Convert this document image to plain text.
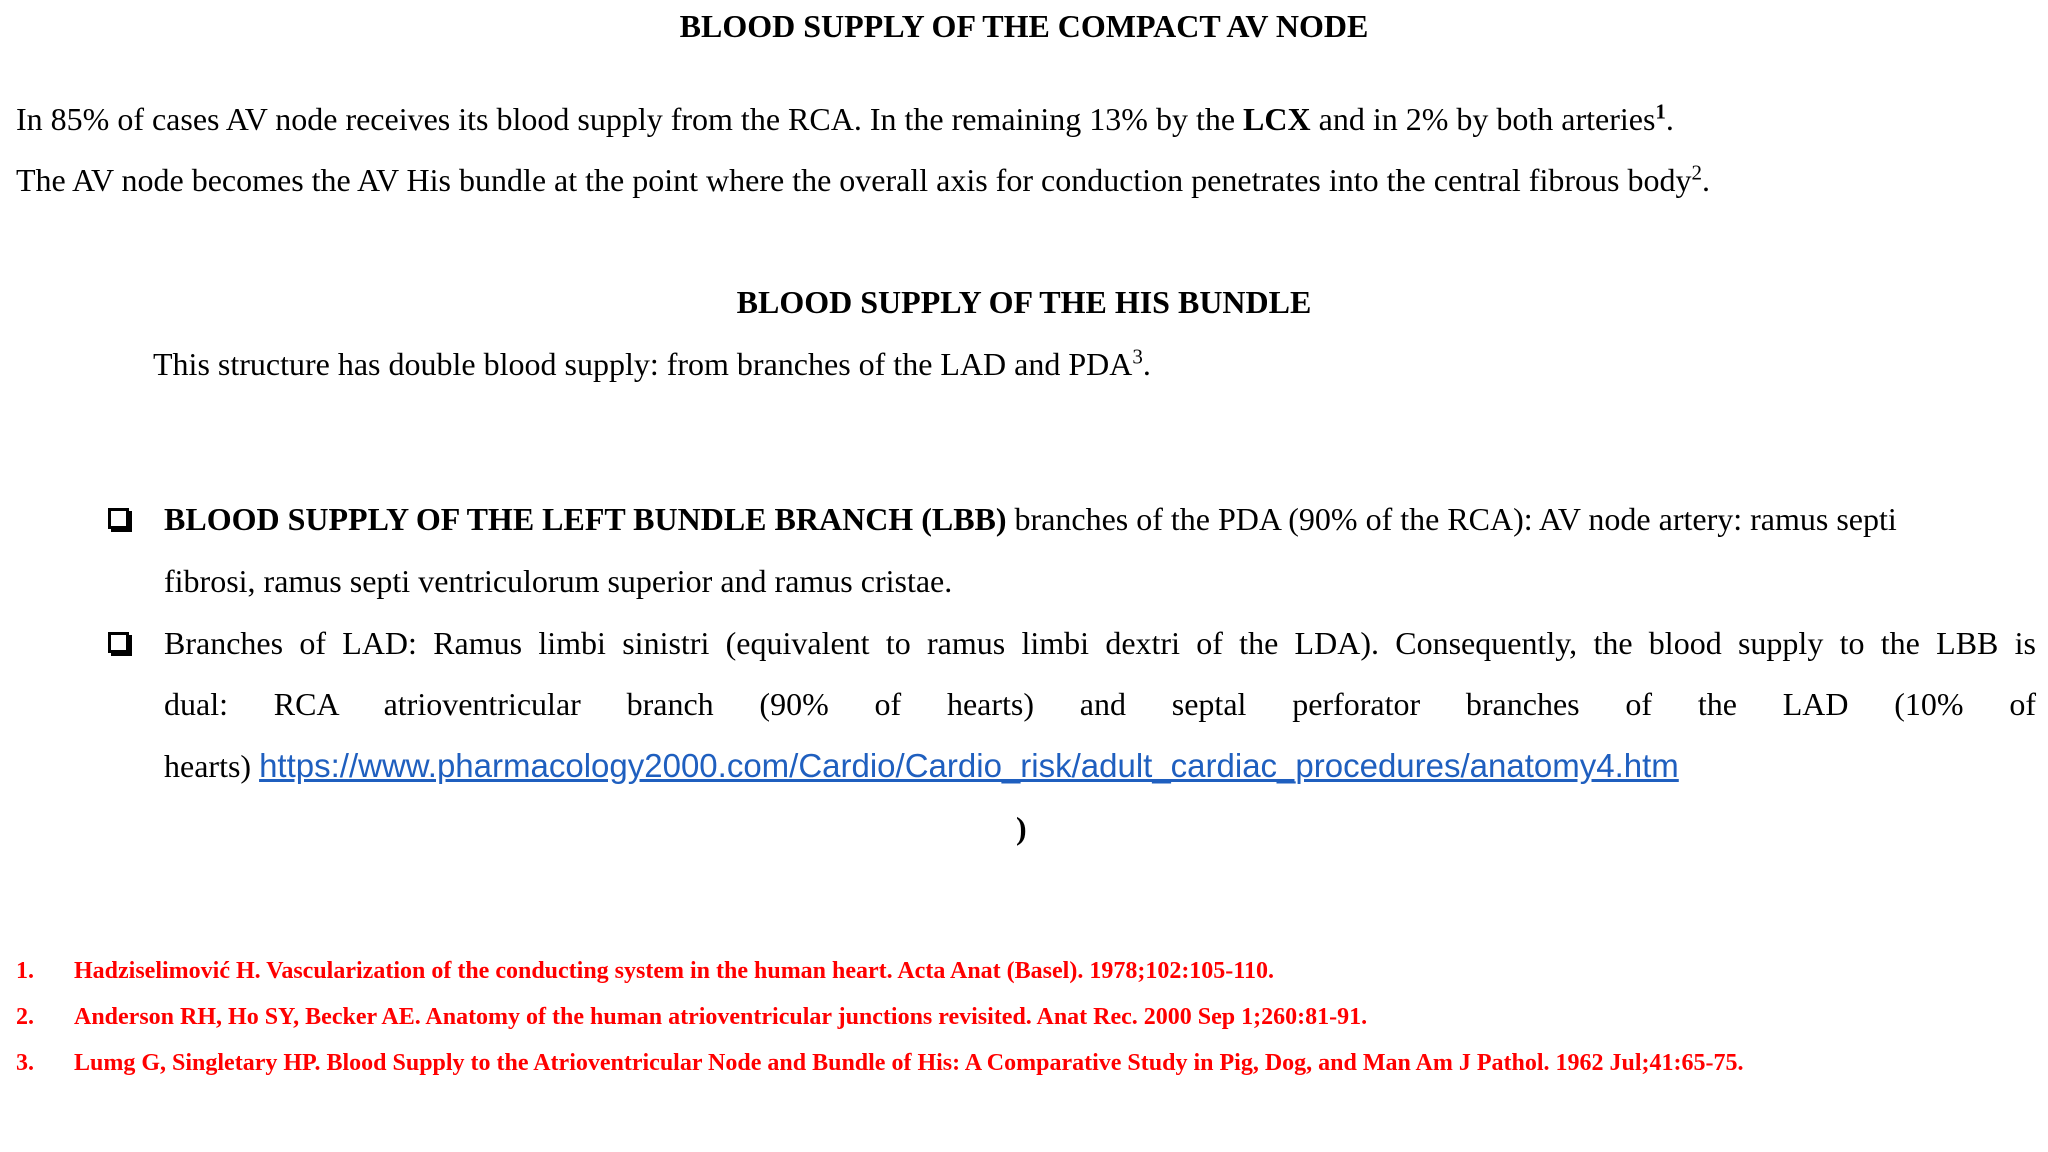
BLOOD SUPPLY OF THE COMPACT AV NODE
In 85% of cases AV node receives its blood supply from the RCA. In the remaining 13% by the LCX and in 2% by both arteries$^1$.
The AV node becomes the AV His bundle at the point where the overall axis for conduction penetrates into the central fibrous body$^2$.
BLOOD SUPPLY OF THE HIS BUNDLE
This structure has double blood supply: from branches of the LAD and PDA$^3$.
BLOOD SUPPLY OF THE LEFT BUNDLE BRANCH (LBB) branches of the PDA (90% of the RCA): AV node artery: ramus septi
fibrosi, ramus septi ventriculorum superior and ramus cristae.
Branches of LAD: Ramus limbi sinistri (equivalent to ramus limbi dextri of the LDA). Consequently, the blood supply to the LBB is
dual: RCA atrioventricular branch (90% of hearts) and septal perforator branches of the LAD (10% of
hearts) https://www.pharmacology2000.com/Cardio/Cardio_risk/adult_cardiac_procedures/anatomy4.htm
)
1. Hadziselimović H. Vascularization of the conducting system in the human heart. Acta Anat (Basel). 1978;102:105-110.
2. Anderson RH, Ho SY, Becker AE. Anatomy of the human atrioventricular junctions revisited. Anat Rec. 2000 Sep 1;260:81-91.
3. Lumg G, Singletary HP. Blood Supply to the Atrioventricular Node and Bundle of His: A Comparative Study in Pig, Dog, and Man Am J Pathol. 1962 Jul;41:65-75.
